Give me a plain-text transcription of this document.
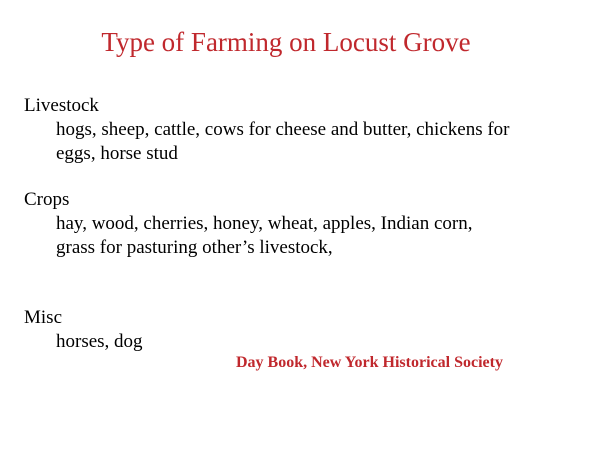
Type of Farming on Locust Grove
Livestock
hogs, sheep, cattle, cows for cheese and butter, chickens for
eggs, horse stud
Crops
hay, wood, cherries, honey, wheat, apples, Indian corn,
grass for pasturing other’s livestock,
Misc
horses, dog
Day Book, New York Historical Society
